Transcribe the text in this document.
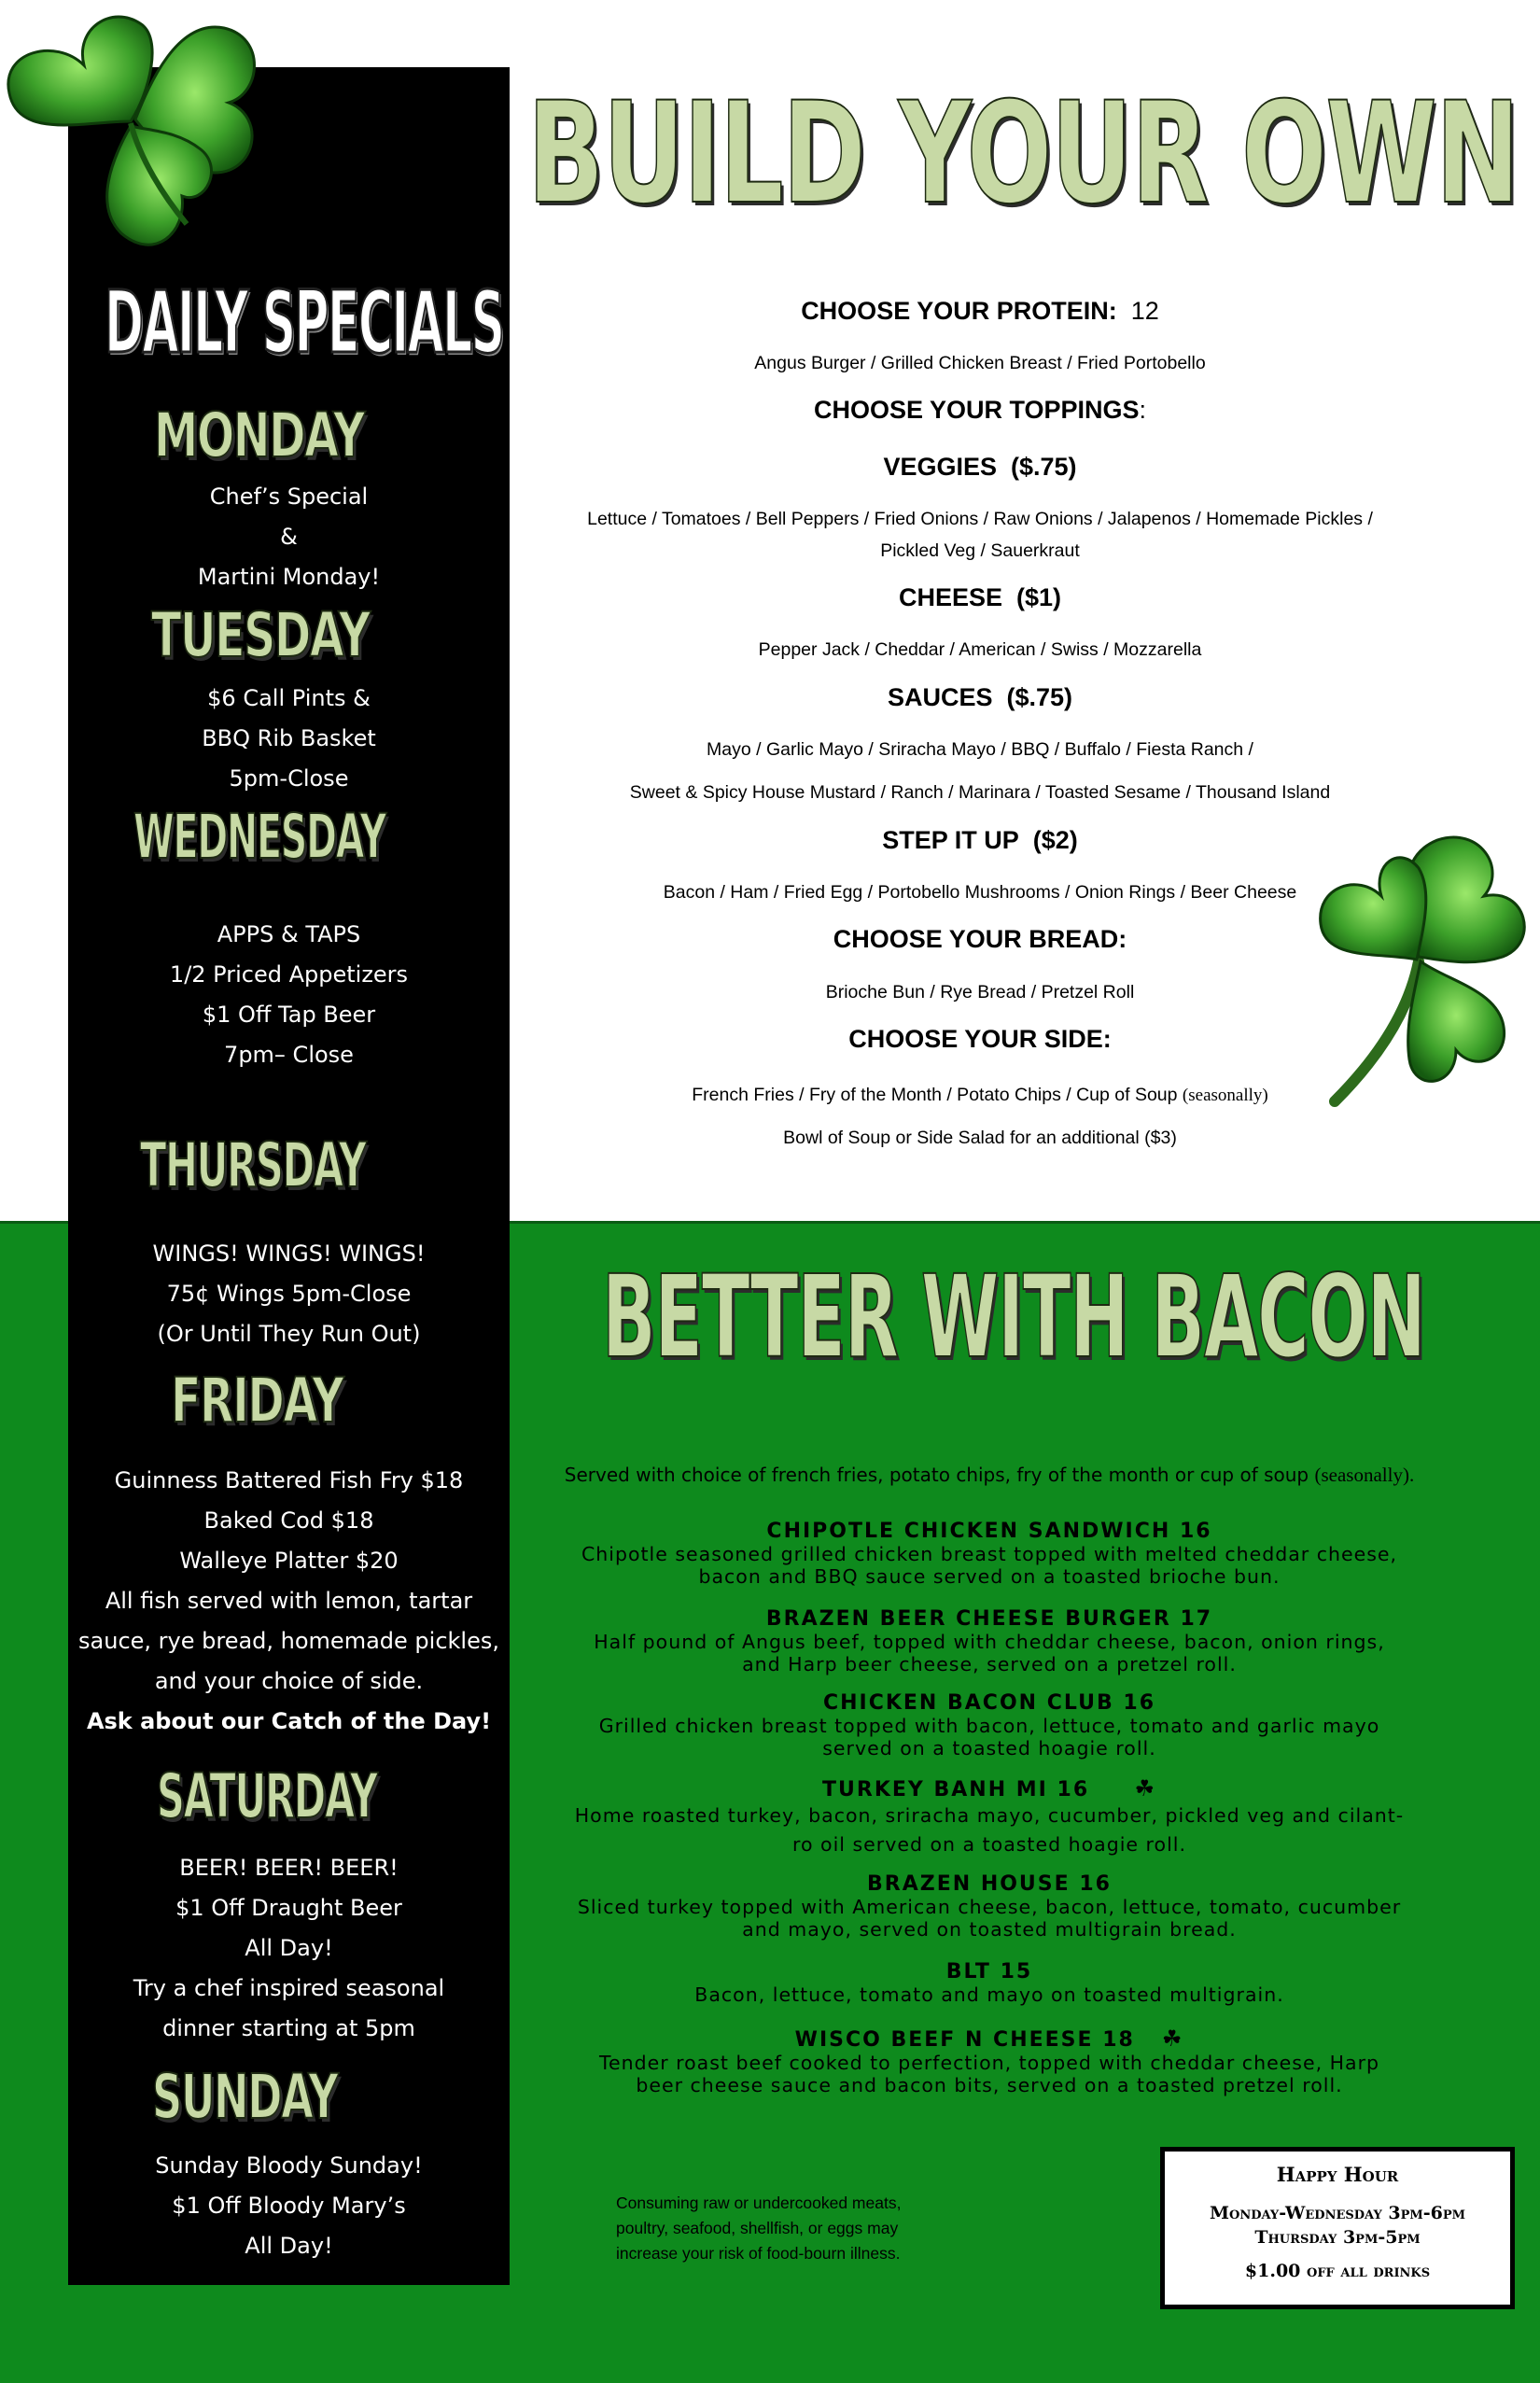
BUILD YOUR OWN
CHOOSE YOUR PROTEIN:  12
Angus Burger / Grilled Chicken Breast / Fried Portobello
CHOOSE YOUR TOPPINGS:
VEGGIES ($.75)
Lettuce / Tomatoes / Bell Peppers / Fried Onions / Raw Onions / Jalapenos / Homemade Pickles /
Pickled Veg / Sauerkraut
CHEESE ($1)
Pepper Jack / Cheddar / American / Swiss / Mozzarella
SAUCES ($.75)
Mayo / Garlic Mayo / Sriracha Mayo / BBQ / Buffalo / Fiesta Ranch /
Sweet & Spicy House Mustard / Ranch / Marinara / Toasted Sesame / Thousand Island
STEP IT UP ($2)
Bacon / Ham / Fried Egg / Portobello Mushrooms / Onion Rings / Beer Cheese
CHOOSE YOUR BREAD:
Brioche Bun / Rye Bread / Pretzel Roll
CHOOSE YOUR SIDE:
French Fries / Fry of the Month / Potato Chips / Cup of Soup (seasonally)
Bowl of Soup or Side Salad for an additional ($3)
DAILY SPECIALS
MONDAY
Chef’s Special
&
Martini Monday!
TUESDAY
$6 Call Pints &
BBQ Rib Basket
5pm-Close
WEDNESDAY
APPS & TAPS
1/2 Priced Appetizers
$1 Off Tap Beer
7pm– Close
THURSDAY
WINGS! WINGS! WINGS!
75¢ Wings 5pm-Close
(Or Until They Run Out)
FRIDAY
Guinness Battered Fish Fry $18
Baked Cod $18
Walleye Platter $20
All fish served with lemon, tartar
sauce, rye bread, homemade pickles,
and your choice of side.
Ask about our Catch of the Day!
SATURDAY
BEER! BEER! BEER!
$1 Off Draught Beer
All Day!
Try a chef inspired seasonal
dinner starting at 5pm
SUNDAY
Sunday Bloody Sunday!
$1 Off Bloody Mary’s
All Day!
BETTER WITH BACON
Served with choice of french fries, potato chips, fry of the month or cup of soup (seasonally).
CHIPOTLE CHICKEN SANDWICH 16
Chipotle seasoned grilled chicken breast topped with melted cheddar cheese,
bacon and BBQ sauce served on a toasted brioche bun.
BRAZEN BEER CHEESE BURGER 17
Half pound of Angus beef, topped with cheddar cheese, bacon, onion rings,
and Harp beer cheese, served on a pretzel roll.
CHICKEN BACON CLUB 16
Grilled chicken breast topped with bacon, lettuce, tomato and garlic mayo
served on a toasted hoagie roll.
TURKEY BANH MI 16 ☘
Home roasted turkey, bacon, sriracha mayo, cucumber, pickled veg and cilant-
ro oil served on a toasted hoagie roll.
BRAZEN HOUSE 16
Sliced turkey topped with American cheese, bacon, lettuce, tomato, cucumber
and mayo, served on toasted multigrain bread.
BLT 15
Bacon, lettuce, tomato and mayo on toasted multigrain.
WISCO BEEF N CHEESE 18 ☘
Tender roast beef cooked to perfection, topped with cheddar cheese, Harp
beer cheese sauce and bacon bits, served on a toasted pretzel roll.
Consuming raw or undercooked meats,
poultry, seafood, shellfish, or eggs may
increase your risk of food-bourn illness.
Happy Hour
Monday-Wednesday 3pm-6pm
Thursday 3pm-5pm
$1.00 off all drinks
